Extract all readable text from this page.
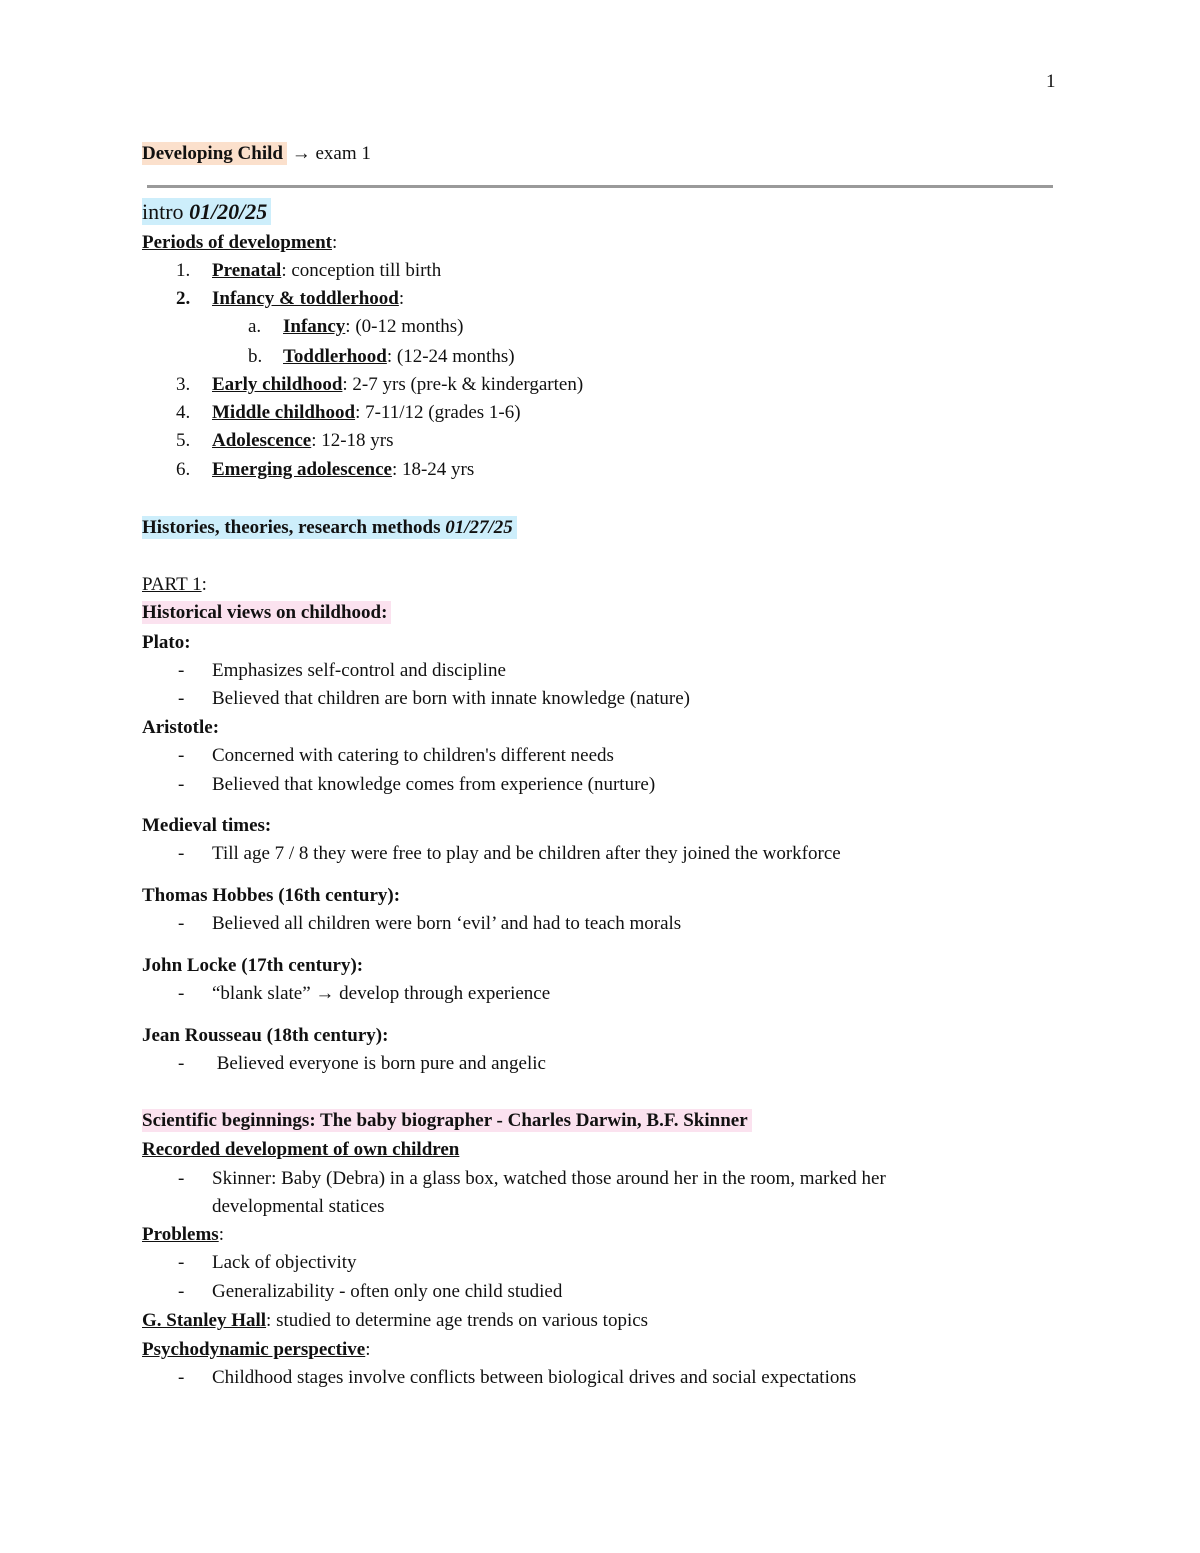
1
Developing Child → exam 1
intro 01/20/25
Periods of development:
1. Prenatal: conception till birth
2. Infancy & toddlerhood:
a. Infancy: (0-12 months)
b. Toddlerhood: (12-24 months)
3. Early childhood: 2-7 yrs (pre-k & kindergarten)
4. Middle childhood: 7-11/12 (grades 1-6)
5. Adolescence: 12-18 yrs
6. Emerging adolescence: 18-24 yrs
Histories, theories, research methods 01/27/25
PART 1:
Historical views on childhood:
Plato:
- Emphasizes self-control and discipline
- Believed that children are born with innate knowledge (nature)
Aristotle:
- Concerned with catering to children's different needs
- Believed that knowledge comes from experience (nurture)
Medieval times:
- Till age 7 / 8 they were free to play and be children after they joined the workforce
Thomas Hobbes (16th century):
- Believed all children were born ‘evil’ and had to teach morals
John Locke (17th century):
- “blank slate” → develop through experience
Jean Rousseau (18th century):
- Believed everyone is born pure and angelic
Scientific beginnings: The baby biographer - Charles Darwin, B.F. Skinner
Recorded development of own children
- Skinner: Baby (Debra) in a glass box, watched those around her in the room, marked her
developmental statices
Problems:
- Lack of objectivity
- Generalizability - often only one child studied
G. Stanley Hall: studied to determine age trends on various topics
Psychodynamic perspective:
- Childhood stages involve conflicts between biological drives and social expectations
